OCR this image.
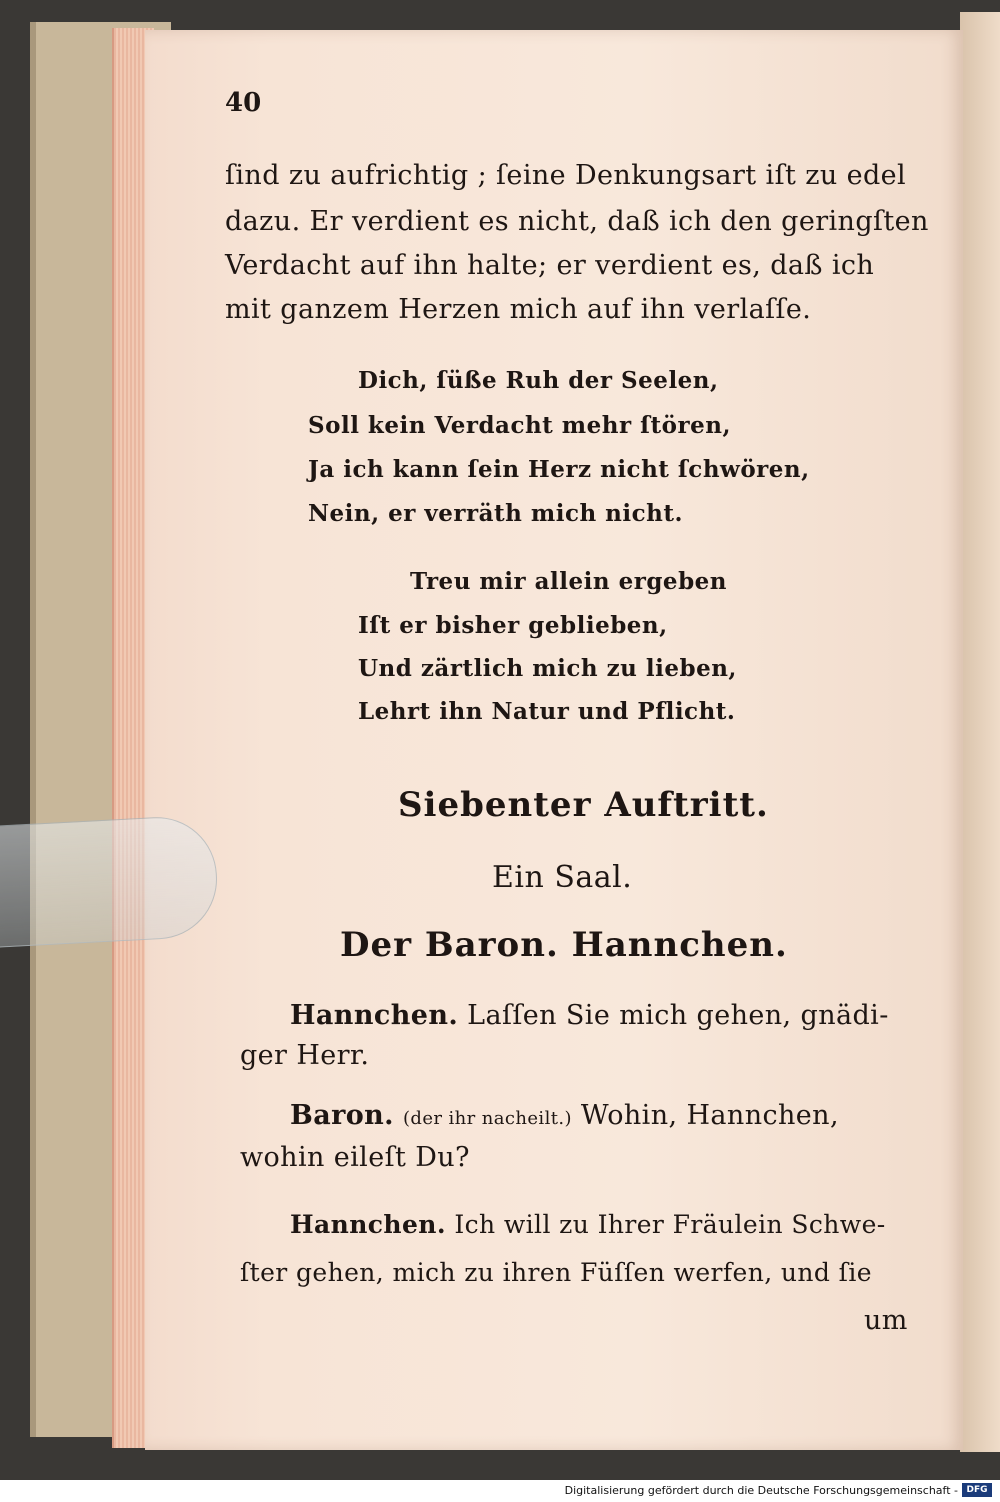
40
ſind zu aufrichtig ; ſeine Denkungsart iſt zu edel
dazu. Er verdient es nicht, daß ich den geringſten
Verdacht auf ihn halte; er verdient es, daß ich
mit ganzem Herzen mich auf ihn verlaſſe.
Dich, ſüße Ruh der Seelen,
Soll kein Verdacht mehr ſtören,
Ja ich kann ſein Herz nicht ſchwören,
Nein, er verräth mich nicht.
Treu mir allein ergeben
Iſt er bisher geblieben,
Und zärtlich mich zu lieben,
Lehrt ihn Natur und Pflicht.
Siebenter Auftritt.
Ein Saal.
Der Baron. Hannchen.
Hannchen. Laſſen Sie mich gehen, gnädi-
ger Herr.
Baron. (der ihr nacheilt.) Wohin, Hannchen,
wohin eileſt Du?
Hannchen. Ich will zu Ihrer Fräulein Schwe-
ſter gehen, mich zu ihren Füſſen werfen, und ſie
um
Digitalisierung gefördert durch die Deutsche Forschungsgemeinschaft - DFG
